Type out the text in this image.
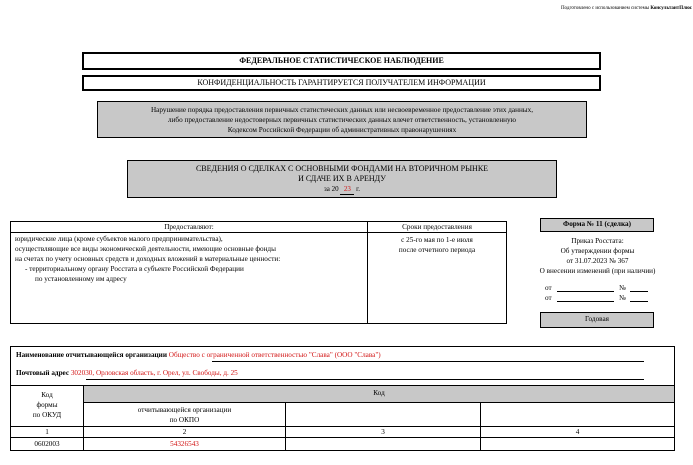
Подготовлено с использованием системы КонсультантПлюс
ФЕДЕРАЛЬНОЕ СТАТИСТИЧЕСКОЕ НАБЛЮДЕНИЕ
КОНФИДЕНЦИАЛЬНОСТЬ ГАРАНТИРУЕТСЯ ПОЛУЧАТЕЛЕМ ИНФОРМАЦИИ
Нарушение порядка предоставления первичных статистических данных или несвоевременное предоставление этих данных,
либо предоставление недостоверных первичных статистических данных влечет ответственность, установленную
Кодексом Российской Федерации об административных правонарушениях
СВЕДЕНИЯ О СДЕЛКАХ С ОСНОВНЫМИ ФОНДАМИ НА ВТОРИЧНОМ РЫНКЕ
И СДАЧЕ ИХ В АРЕНДУ
за 20 23 г.
Предоставляют:	Сроки предоставления
юридические лица (кроме субъектов малого предпринимательства),
осуществляющие все виды экономической деятельности, имеющие основные фонды
на счетах по учету основных средств и доходных вложений в материальные ценности:
- территориальному органу Росстата в субъекте Российской Федерации
по установленному им адресу
с 25-го мая по 1-е июля
после отчетного периода
Форма № 11 (сделка)
Приказ Росстата:
Об утверждении формы
от 31.07.2023 № 367
О внесении изменений (при наличии)
от	№
от	№
Годовая
Наименование отчитывающейся организации Общество с ограниченной ответственностью "Слава" (ООО "Слава")
Почтовый адрес 302030, Орловская область, г. Орел, ул. Свободы, д. 25
Код
формы
по ОКУД
Код
отчитывающейся организации
по ОКПО
1	2	3	4
0602003	54326543
